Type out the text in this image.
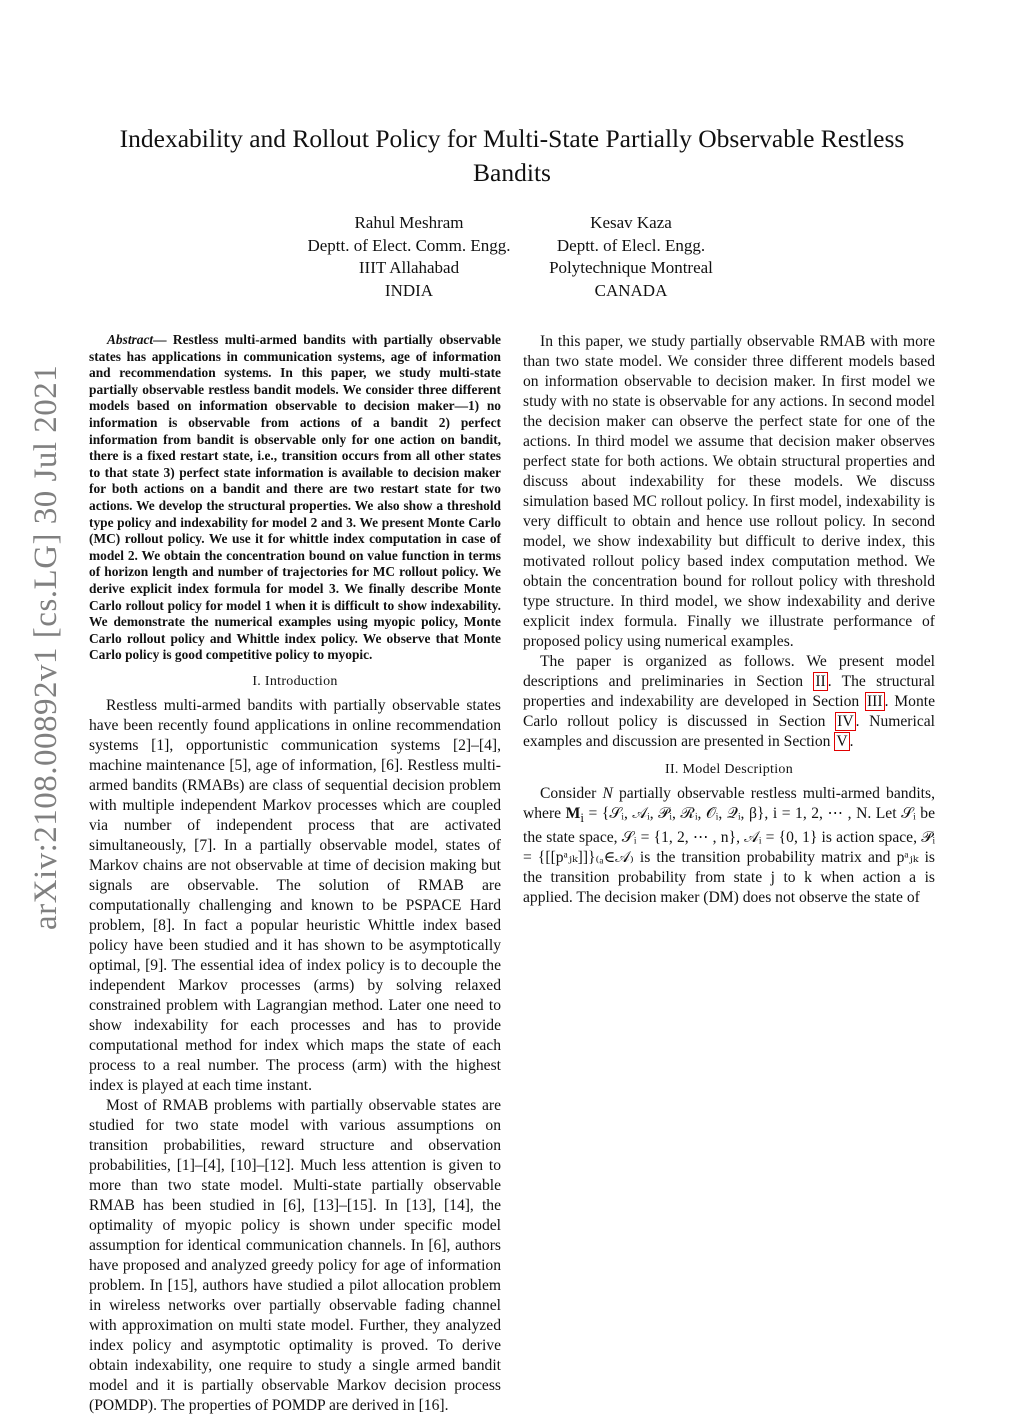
arXiv:2108.00892v1 [cs.LG] 30 Jul 2021
Indexability and Rollout Policy for Multi-State Partially Observable Restless Bandits
Rahul Meshram
Deptt. of Elect. Comm. Engg.
IIIT Allahabad
INDIA
Kesav Kaza
Deptt. of Elecl. Engg.
Polytechnique Montreal
CANADA

Abstract— Restless multi-armed bandits with partially observable states has applications in communication systems, age of information and recommendation systems. In this paper, we study multi-state partially observable restless bandit models. We consider three different models based on information observable to decision maker—1) no information is observable from actions of a bandit 2) perfect information from bandit is observable only for one action on bandit, there is a fixed restart state, i.e., transition occurs from all other states to that state 3) perfect state information is available to decision maker for both actions on a bandit and there are two restart state for two actions. We develop the structural properties. We also show a threshold type policy and indexability for model 2 and 3. We present Monte Carlo (MC) rollout policy. We use it for whittle index computation in case of model 2. We obtain the concentration bound on value function in terms of horizon length and number of trajectories for MC rollout policy. We derive explicit index formula for model 3. We finally describe Monte Carlo rollout policy for model 1 when it is difficult to show indexability. We demonstrate the numerical examples using myopic policy, Monte Carlo rollout policy and Whittle index policy. We observe that Monte Carlo policy is good competitive policy to myopic.

I. Introduction

Restless multi-armed bandits with partially observable states have been recently found applications in online recommendation systems [1], opportunistic communication systems [2]–[4], machine maintenance [5], age of information, [6]. Restless multi-armed bandits (RMABs) are class of sequential decision problem with multiple independent Markov processes which are coupled via number of independent process that are activated simultaneously, [7]. In a partially observable model, states of Markov chains are not observable at time of decision making but signals are observable. The solution of RMAB are computationally challenging and known to be PSPACE Hard problem, [8]. In fact a popular heuristic Whittle index based policy have been studied and it has shown to be asymptotically optimal, [9]. The essential idea of index policy is to decouple the independent Markov processes (arms) by solving relaxed constrained problem with Lagrangian method. Later one need to show indexability for each processes and has to provide computational method for index which maps the state of each process to a real number. The process (arm) with the highest index is played at each time instant.

Most of RMAB problems with partially observable states are studied for two state model with various assumptions on transition probabilities, reward structure and observation probabilities, [1]–[4], [10]–[12]. Much less attention is given to more than two state model. Multi-state partially observable RMAB has been studied in [6], [13]–[15]. In [13], [14], the optimality of myopic policy is shown under specific model assumption for identical communication channels. In [6], authors have proposed and analyzed greedy policy for age of information problem. In [15], authors have studied a pilot allocation problem in wireless networks over partially observable fading channel with approximation on multi state model. Further, they analyzed index policy and asymptotic optimality is proved. To derive obtain indexability, one require to study a single armed bandit model and it is partially observable Markov decision process (POMDP). The properties of POMDP are derived in [16].

In this paper, we study partially observable RMAB with more than two state model. We consider three different models based on information observable to decision maker. In first model we study with no state is observable for any actions. In second model the decision maker can observe the perfect state for one of the actions. In third model we assume that decision maker observes perfect state for both actions. We obtain structural properties and discuss about indexability for these models. We discuss simulation based MC rollout policy. In first model, indexability is very difficult to obtain and hence use rollout policy. In second model, we show indexability but difficult to derive index, this motivated rollout policy based index computation method. We obtain the concentration bound for rollout policy with threshold type structure. In third model, we show indexability and derive explicit index formula. Finally we illustrate performance of proposed policy using numerical examples.

The paper is organized as follows. We present model descriptions and preliminaries in Section II . The structural properties and indexability are developed in Section III . Monte Carlo rollout policy is discussed in Section IV . Numerical examples and discussion are presented in Section V .

II. Model Description

Consider N partially observable restless multi-armed bandits, where $M_i$ = {𝒮ᵢ, 𝒜ᵢ, 𝒫ᵢ, ℛᵢ, 𝒪ᵢ, 𝒬ᵢ, β}, i = 1, 2, ⋯ , N. Let 𝒮ᵢ be the state space, 𝒮ᵢ = {1, 2, ⋯ , n}, 𝒜ᵢ = {0, 1} is action space, 𝒫ᵢ = {[[pᵃⱼₖ]]}₍ₐ∈𝒜₎ is the transition probability matrix and pᵃⱼₖ is the transition probability from state j to k when action a is applied. The decision maker (DM) does not observe the state of
